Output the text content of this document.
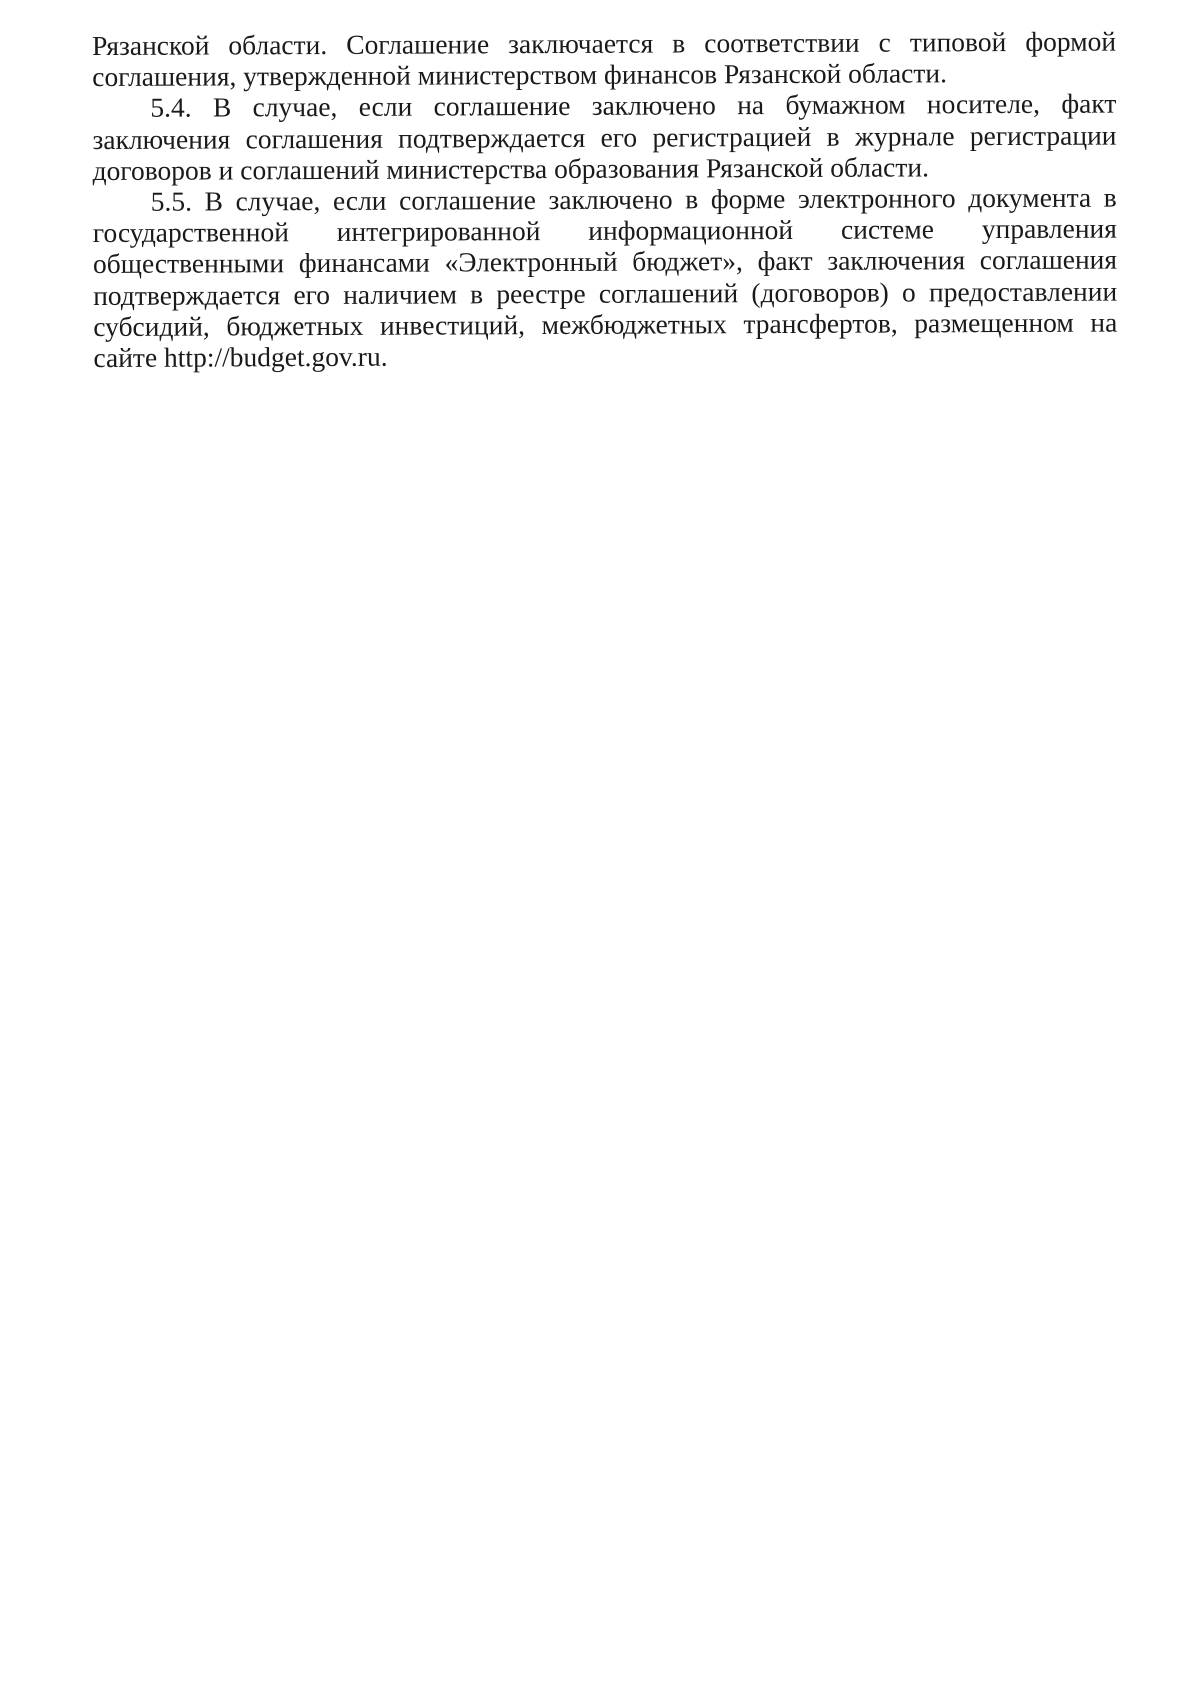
Рязанской области. Соглашение заключается в соответствии с типовой формой соглашения, утвержденной министерством финансов Рязанской области.

5.4. В случае, если соглашение заключено на бумажном носителе, факт заключения соглашения подтверждается его регистрацией в журнале регистрации договоров и соглашений министерства образования Рязанской области.

5.5. В случае, если соглашение заключено в форме электронного документа в государственной интегрированной информационной системе управления общественными финансами «Электронный бюджет», факт заключения соглашения подтверждается его наличием в реестре соглашений (договоров) о предоставлении субсидий, бюджетных инвестиций, межбюджетных трансфертов, размещенном на сайте http://budget.gov.ru.
